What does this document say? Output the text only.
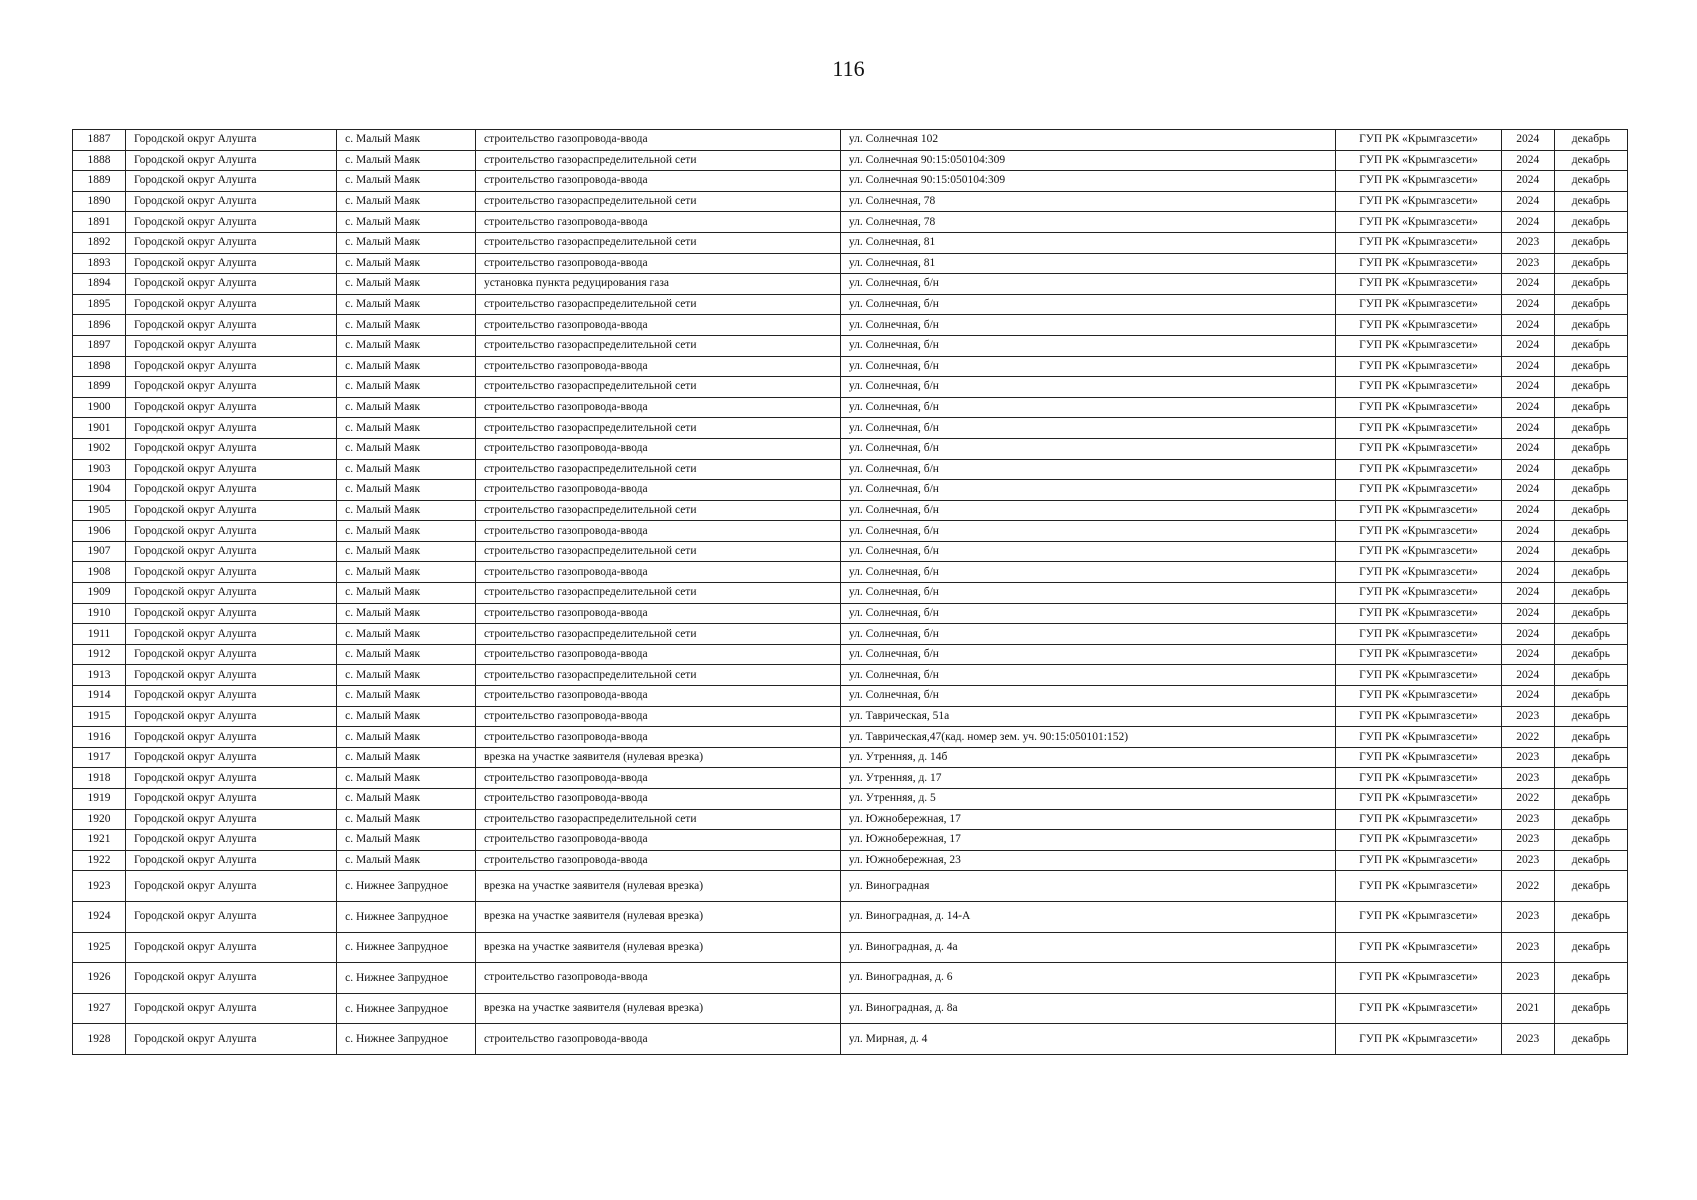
116
1887	Городской округ Алушта	с. Малый Маяк	строительство газопровода-ввода	ул. Солнечная 102	ГУП РК «Крымгазсети»	2024	декабрь
1888	Городской округ Алушта	с. Малый Маяк	строительство газораспределительной сети	ул. Солнечная 90:15:050104:309	ГУП РК «Крымгазсети»	2024	декабрь
1889	Городской округ Алушта	с. Малый Маяк	строительство газопровода-ввода	ул. Солнечная 90:15:050104:309	ГУП РК «Крымгазсети»	2024	декабрь
1890	Городской округ Алушта	с. Малый Маяк	строительство газораспределительной сети	ул. Солнечная, 78	ГУП РК «Крымгазсети»	2024	декабрь
1891	Городской округ Алушта	с. Малый Маяк	строительство газопровода-ввода	ул. Солнечная, 78	ГУП РК «Крымгазсети»	2024	декабрь
1892	Городской округ Алушта	с. Малый Маяк	строительство газораспределительной сети	ул. Солнечная, 81	ГУП РК «Крымгазсети»	2023	декабрь
1893	Городской округ Алушта	с. Малый Маяк	строительство газопровода-ввода	ул. Солнечная, 81	ГУП РК «Крымгазсети»	2023	декабрь
1894	Городской округ Алушта	с. Малый Маяк	установка пункта редуцирования газа	ул. Солнечная, б/н	ГУП РК «Крымгазсети»	2024	декабрь
1895	Городской округ Алушта	с. Малый Маяк	строительство газораспределительной сети	ул. Солнечная, б/н	ГУП РК «Крымгазсети»	2024	декабрь
1896	Городской округ Алушта	с. Малый Маяк	строительство газопровода-ввода	ул. Солнечная, б/н	ГУП РК «Крымгазсети»	2024	декабрь
1897	Городской округ Алушта	с. Малый Маяк	строительство газораспределительной сети	ул. Солнечная, б/н	ГУП РК «Крымгазсети»	2024	декабрь
1898	Городской округ Алушта	с. Малый Маяк	строительство газопровода-ввода	ул. Солнечная, б/н	ГУП РК «Крымгазсети»	2024	декабрь
1899	Городской округ Алушта	с. Малый Маяк	строительство газораспределительной сети	ул. Солнечная, б/н	ГУП РК «Крымгазсети»	2024	декабрь
1900	Городской округ Алушта	с. Малый Маяк	строительство газопровода-ввода	ул. Солнечная, б/н	ГУП РК «Крымгазсети»	2024	декабрь
1901	Городской округ Алушта	с. Малый Маяк	строительство газораспределительной сети	ул. Солнечная, б/н	ГУП РК «Крымгазсети»	2024	декабрь
1902	Городской округ Алушта	с. Малый Маяк	строительство газопровода-ввода	ул. Солнечная, б/н	ГУП РК «Крымгазсети»	2024	декабрь
1903	Городской округ Алушта	с. Малый Маяк	строительство газораспределительной сети	ул. Солнечная, б/н	ГУП РК «Крымгазсети»	2024	декабрь
1904	Городской округ Алушта	с. Малый Маяк	строительство газопровода-ввода	ул. Солнечная, б/н	ГУП РК «Крымгазсети»	2024	декабрь
1905	Городской округ Алушта	с. Малый Маяк	строительство газораспределительной сети	ул. Солнечная, б/н	ГУП РК «Крымгазсети»	2024	декабрь
1906	Городской округ Алушта	с. Малый Маяк	строительство газопровода-ввода	ул. Солнечная, б/н	ГУП РК «Крымгазсети»	2024	декабрь
1907	Городской округ Алушта	с. Малый Маяк	строительство газораспределительной сети	ул. Солнечная, б/н	ГУП РК «Крымгазсети»	2024	декабрь
1908	Городской округ Алушта	с. Малый Маяк	строительство газопровода-ввода	ул. Солнечная, б/н	ГУП РК «Крымгазсети»	2024	декабрь
1909	Городской округ Алушта	с. Малый Маяк	строительство газораспределительной сети	ул. Солнечная, б/н	ГУП РК «Крымгазсети»	2024	декабрь
1910	Городской округ Алушта	с. Малый Маяк	строительство газопровода-ввода	ул. Солнечная, б/н	ГУП РК «Крымгазсети»	2024	декабрь
1911	Городской округ Алушта	с. Малый Маяк	строительство газораспределительной сети	ул. Солнечная, б/н	ГУП РК «Крымгазсети»	2024	декабрь
1912	Городской округ Алушта	с. Малый Маяк	строительство газопровода-ввода	ул. Солнечная, б/н	ГУП РК «Крымгазсети»	2024	декабрь
1913	Городской округ Алушта	с. Малый Маяк	строительство газораспределительной сети	ул. Солнечная, б/н	ГУП РК «Крымгазсети»	2024	декабрь
1914	Городской округ Алушта	с. Малый Маяк	строительство газопровода-ввода	ул. Солнечная, б/н	ГУП РК «Крымгазсети»	2024	декабрь
1915	Городской округ Алушта	с. Малый Маяк	строительство газопровода-ввода	ул. Таврическая, 51а	ГУП РК «Крымгазсети»	2023	декабрь
1916	Городской округ Алушта	с. Малый Маяк	строительство газопровода-ввода	ул. Таврическая,47(кад. номер зем. уч. 90:15:050101:152)	ГУП РК «Крымгазсети»	2022	декабрь
1917	Городской округ Алушта	с. Малый Маяк	врезка на участке заявителя (нулевая врезка)	ул. Утренняя, д. 14б	ГУП РК «Крымгазсети»	2023	декабрь
1918	Городской округ Алушта	с. Малый Маяк	строительство газопровода-ввода	ул. Утренняя, д. 17	ГУП РК «Крымгазсети»	2023	декабрь
1919	Городской округ Алушта	с. Малый Маяк	строительство газопровода-ввода	ул. Утренняя, д. 5	ГУП РК «Крымгазсети»	2022	декабрь
1920	Городской округ Алушта	с. Малый Маяк	строительство газораспределительной сети	ул. Южнобережная, 17	ГУП РК «Крымгазсети»	2023	декабрь
1921	Городской округ Алушта	с. Малый Маяк	строительство газопровода-ввода	ул. Южнобережная, 17	ГУП РК «Крымгазсети»	2023	декабрь
1922	Городской округ Алушта	с. Малый Маяк	строительство газопровода-ввода	ул. Южнобережная, 23	ГУП РК «Крымгазсети»	2023	декабрь
1923	Городской округ Алушта	с. Нижнее Запрудное	врезка на участке заявителя (нулевая врезка)	ул. Виноградная	ГУП РК «Крымгазсети»	2022	декабрь
1924	Городской округ Алушта	с. Нижнее Запрудное	врезка на участке заявителя (нулевая врезка)	ул. Виноградная, д. 14-А	ГУП РК «Крымгазсети»	2023	декабрь
1925	Городской округ Алушта	с. Нижнее Запрудное	врезка на участке заявителя (нулевая врезка)	ул. Виноградная, д. 4а	ГУП РК «Крымгазсети»	2023	декабрь
1926	Городской округ Алушта	с. Нижнее Запрудное	строительство газопровода-ввода	ул. Виноградная, д. 6	ГУП РК «Крымгазсети»	2023	декабрь
1927	Городской округ Алушта	с. Нижнее Запрудное	врезка на участке заявителя (нулевая врезка)	ул. Виноградная, д. 8а	ГУП РК «Крымгазсети»	2021	декабрь
1928	Городской округ Алушта	с. Нижнее Запрудное	строительство газопровода-ввода	ул. Мирная, д. 4	ГУП РК «Крымгазсети»	2023	декабрь
